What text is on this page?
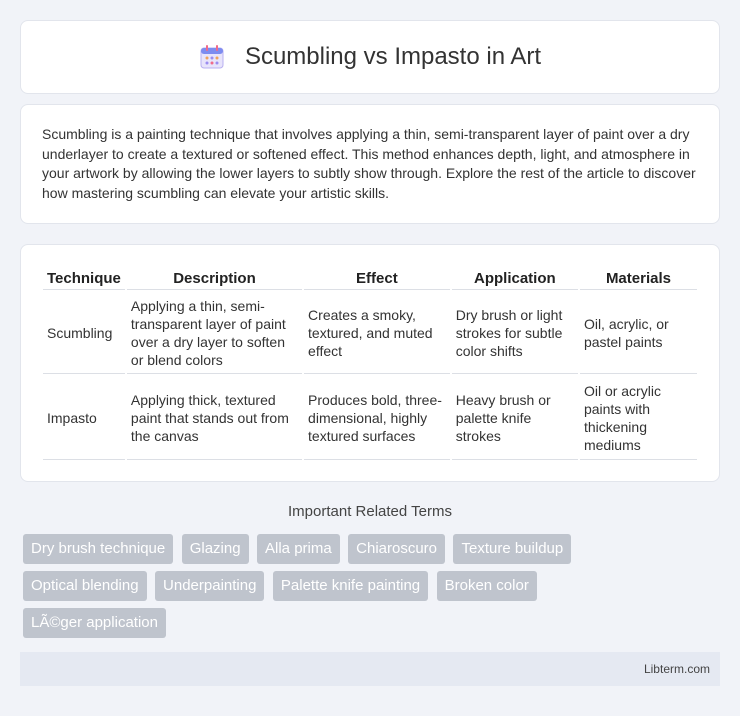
Scumbling vs Impasto in Art

Scumbling is a painting technique that involves applying a thin, semi-transparent layer of paint over a dry underlayer to create a textured or softened effect. This method enhances depth, light, and atmosphere in your artwork by allowing the lower layers to subtly show through. Explore the rest of the article to discover how mastering scumbling can elevate your artistic skills.

Technique	Description	Effect	Application	Materials
Scumbling	Applying a thin, semi-transparent layer of paint over a dry layer to soften or blend colors	Creates a smoky, textured, and muted effect	Dry brush or light strokes for subtle color shifts	Oil, acrylic, or pastel paints
Impasto	Applying thick, textured paint that stands out from the canvas	Produces bold, three-dimensional, highly textured surfaces	Heavy brush or palette knife strokes	Oil or acrylic paints with thickening mediums
Important Related Terms
Dry brush technique Glazing Alla prima Chiaroscuro Texture buildup
Optical blending Underpainting Palette knife painting Broken color
LÃ©ger application
Libterm.com
